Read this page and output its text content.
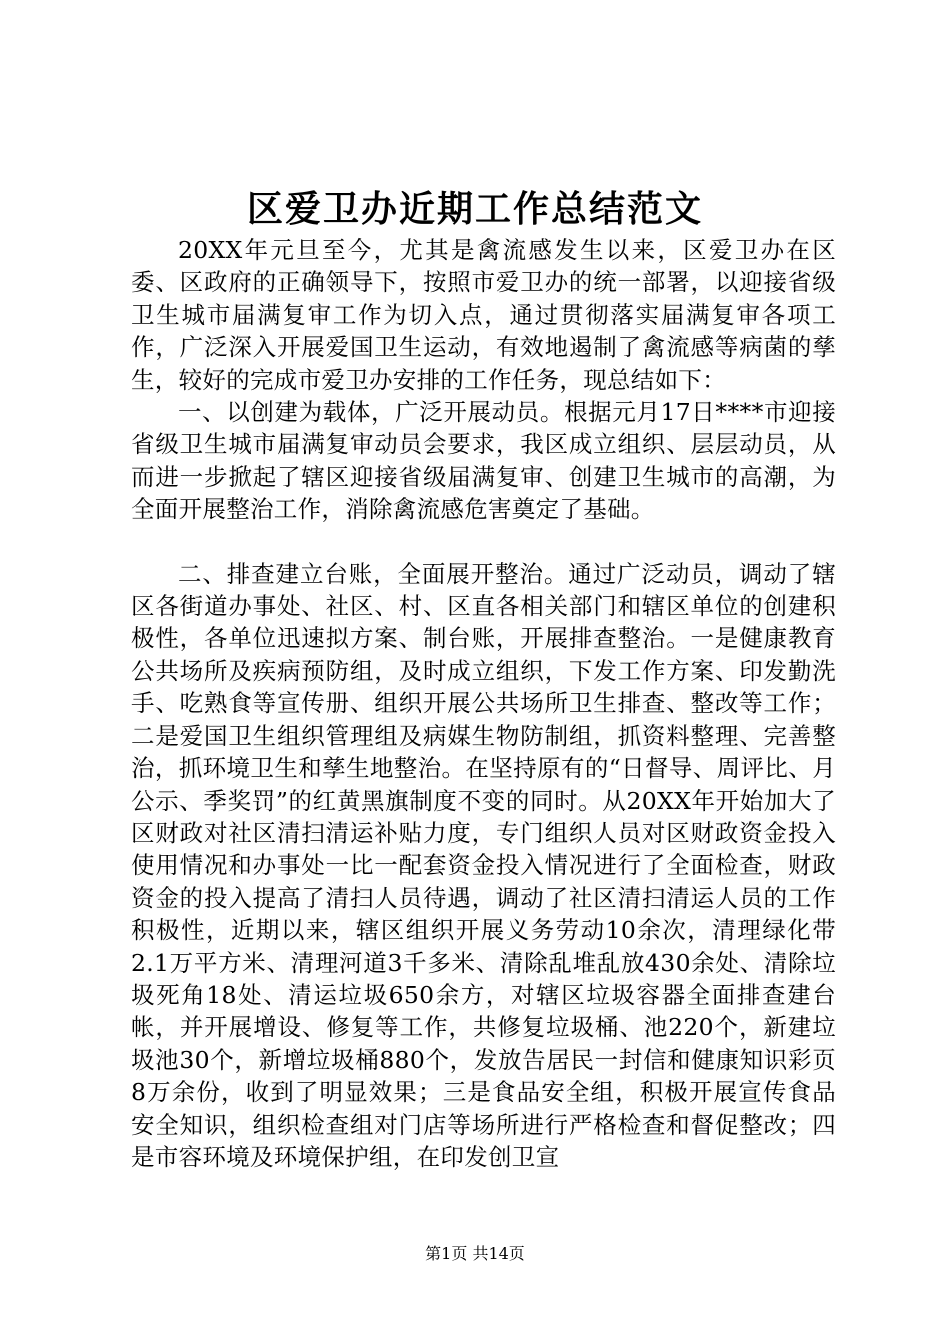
区爱卫办近期工作总结范文

20XX年元旦至今，尤其是禽流感发生以来，区爱卫办在区委、区政府的正确领导下，按照市爱卫办的统一部署，以迎接省级卫生城市届满复审工作为切入点，通过贯彻落实届满复审各项工作，广泛深入开展爱国卫生运动，有效地遏制了禽流感等病菌的孳生，较好的完成市爱卫办安排的工作任务，现总结如下：

一、以创建为载体，广泛开展动员。根据元月17日****市迎接省级卫生城市届满复审动员会要求，我区成立组织、层层动员，从而进一步掀起了辖区迎接省级届满复审、创建卫生城市的高潮，为全面开展整治工作，消除禽流感危害奠定了基础。

二、排查建立台账，全面展开整治。通过广泛动员，调动了辖区各街道办事处、社区、村、区直各相关部门和辖区单位的创建积极性，各单位迅速拟方案、制台账，开展排查整治。一是健康教育公共场所及疾病预防组，及时成立组织，下发工作方案、印发勤洗手、吃熟食等宣传册、组织开展公共场所卫生排查、整改等工作；二是爱国卫生组织管理组及病媒生物防制组，抓资料整理、完善整治，抓环境卫生和孳生地整治。在坚持原有的“日督导、周评比、月公示、季奖罚”的红黄黑旗制度不变的同时。从20XX年开始加大了区财政对社区清扫清运补贴力度，专门组织人员对区财政资金投入使用情况和办事处一比一配套资金投入情况进行了全面检查，财政资金的投入提高了清扫人员待遇，调动了社区清扫清运人员的工作积极性，近期以来，辖区组织开展义务劳动10余次，清理绿化带2.1万平方米、清理河道3千多米、清除乱堆乱放430余处、清除垃圾死角18处、清运垃圾650余方，对辖区垃圾容器全面排查建台帐，并开展增设、修复等工作，共修复垃圾桶、池220个，新建垃圾池30个，新增垃圾桶880个，发放告居民一封信和健康知识彩页8万余份，收到了明显效果；三是食品安全组，积极开展宣传食品安全知识，组织检查组对门店等场所进行严格检查和督促整改；四是市容环境及环境保护组，在印发创卫宣

第1页 共14页
